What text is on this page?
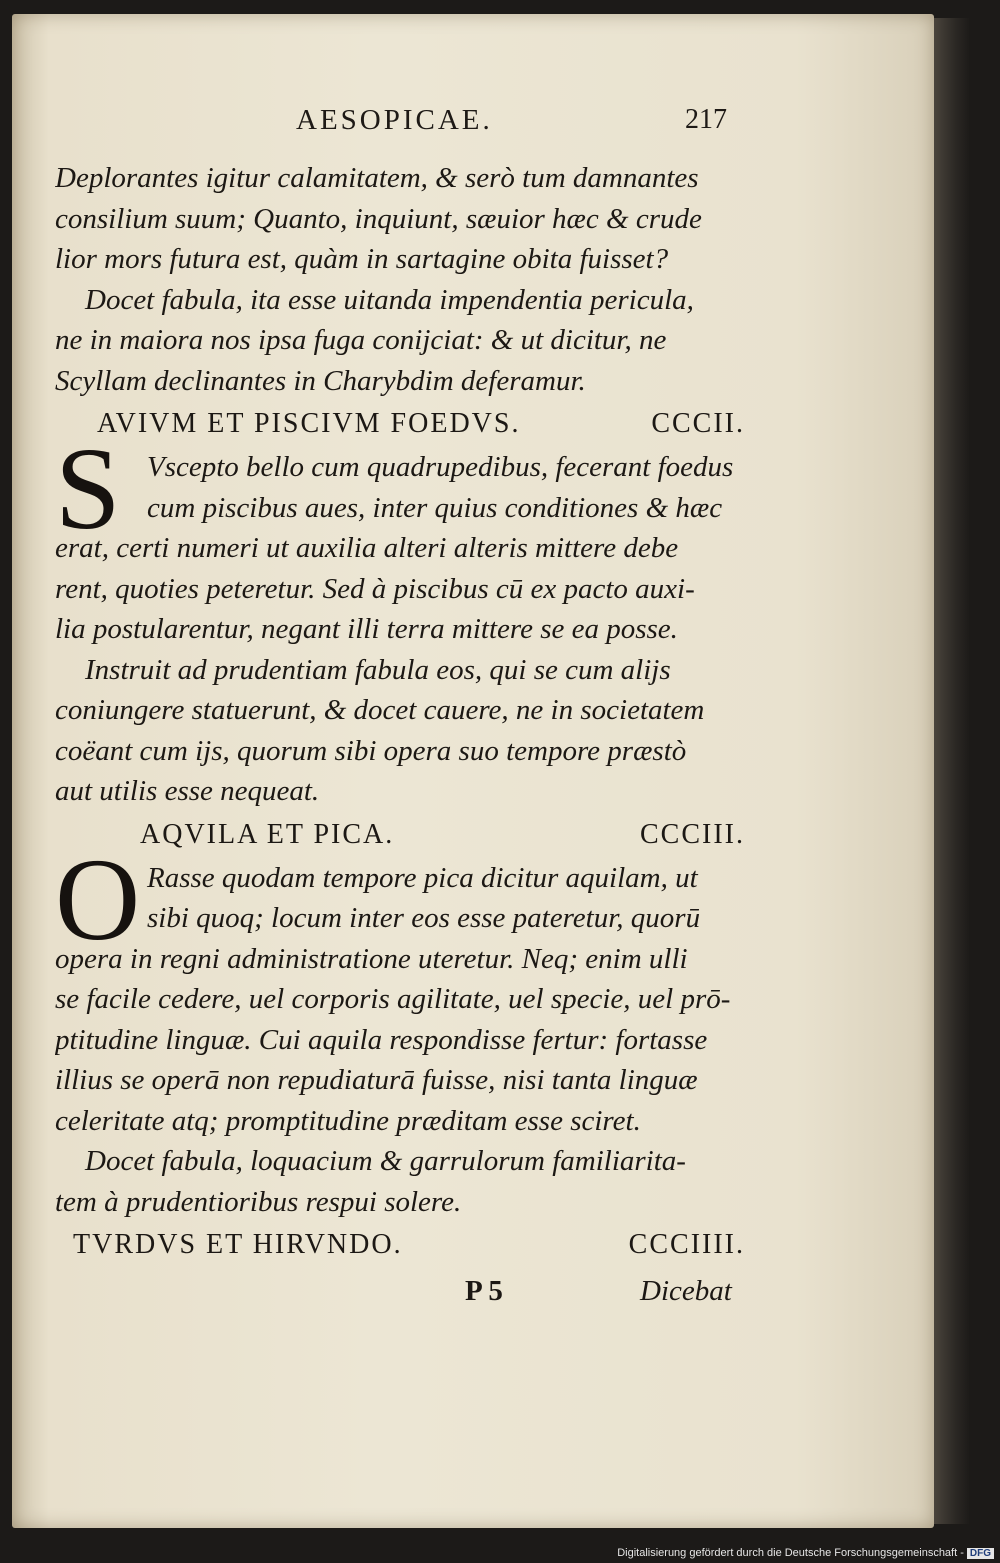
AESOPICAE.	217
Deplorantes igitur calamitatem, & serò tum damnantes
consilium suum; Quanto, inquiunt, sæuior hæc & crude
lior mors futura est, quàm in sartagine obita fuisset?
Docet fabula, ita esse uitanda impendentia pericula,
ne in maiora nos ipsa fuga conijciat: & ut dicitur, ne
Scyllam declinantes in Charybdim deferamur.
AVIVM ET PISCIVM FOEDVS.	CCCII.
S Vscepto bello cum quadrupedibus, fecerant foedus
cum piscibus aues, inter quius conditiones & hæc
erat, certi numeri ut auxilia alteri alteris mittere debe
rent, quoties peteretur. Sed à piscibus cū ex pacto auxi-
lia postularentur, negant illi terra mittere se ea posse.
Instruit ad prudentiam fabula eos, qui se cum alijs
coniungere statuerunt, & docet cauere, ne in societatem
coëant cum ijs, quorum sibi opera suo tempore præstò
aut utilis esse nequeat.
AQVILA ET PICA.	CCCIII.
O Rasse quodam tempore pica dicitur aquilam, ut
sibi quoq; locum inter eos esse pateretur, quorū
opera in regni administratione uteretur. Neq; enim ulli
se facile cedere, uel corporis agilitate, uel specie, uel prō-
ptitudine linguæ. Cui aquila respondisse fertur: fortasse
illius se operā non repudiaturā fuisse, nisi tanta linguæ
celeritate atq; promptitudine præditam esse sciret.
Docet fabula, loquacium & garrulorum familiarita-
tem à prudentioribus respui solere.
TVRDVS ET HIRVNDO.	CCCIIII.
P 5	Dicebat
Digitalisierung gefördert durch die Deutsche Forschungsgemeinschaft - DFG
